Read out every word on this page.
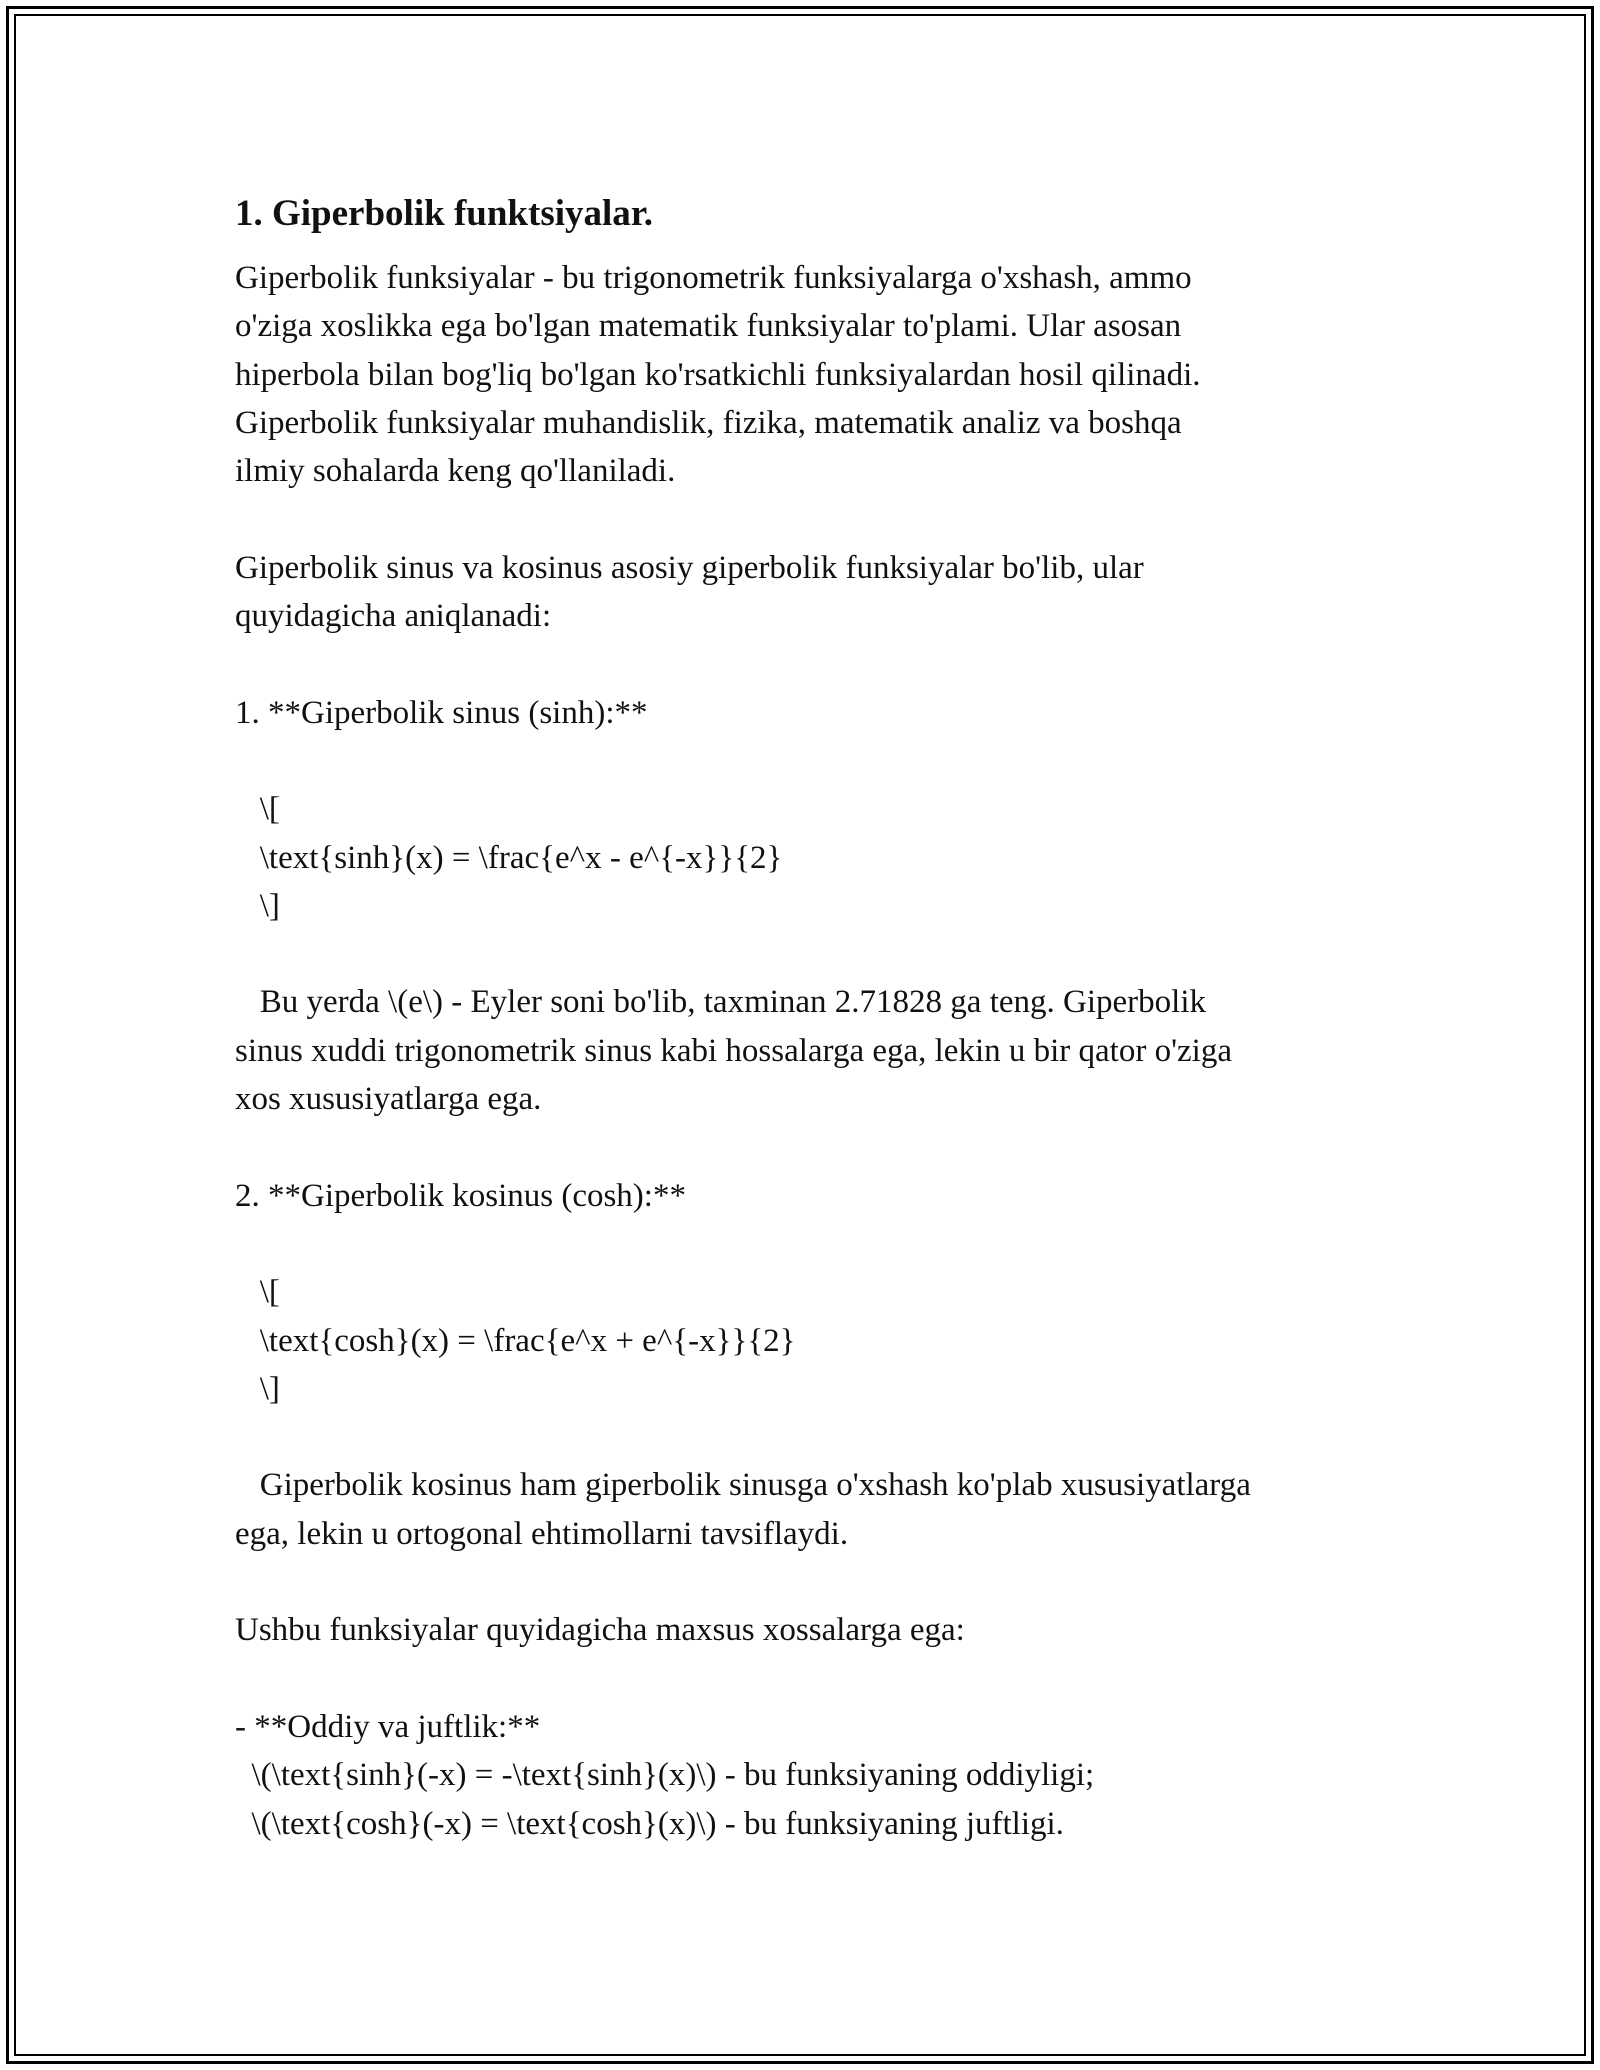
1. Giperbolik funktsiyalar.
Giperbolik funksiyalar - bu trigonometrik funksiyalarga o'xshash, ammo
o'ziga xoslikka ega bo'lgan matematik funksiyalar to'plami. Ular asosan
hiperbola bilan bog'liq bo'lgan ko'rsatkichli funksiyalardan hosil qilinadi.
Giperbolik funksiyalar muhandislik, fizika, matematik analiz va boshqa
ilmiy sohalarda keng qo'llaniladi.
Giperbolik sinus va kosinus asosiy giperbolik funksiyalar bo'lib, ular
quyidagicha aniqlanadi:
1. **Giperbolik sinus (sinh):**
\[
\text{sinh}(x) = \frac{e^x - e^{-x}}{2}
\]
Bu yerda \(e\) - Eyler soni bo'lib, taxminan 2.71828 ga teng. Giperbolik
sinus xuddi trigonometrik sinus kabi hossalarga ega, lekin u bir qator o'ziga
xos xususiyatlarga ega.
2. **Giperbolik kosinus (cosh):**
\[
\text{cosh}(x) = \frac{e^x + e^{-x}}{2}
\]
Giperbolik kosinus ham giperbolik sinusga o'xshash ko'plab xususiyatlarga
ega, lekin u ortogonal ehtimollarni tavsiflaydi.
Ushbu funksiyalar quyidagicha maxsus xossalarga ega:
- **Oddiy va juftlik:**
\(\text{sinh}(-x) = -\text{sinh}(x)\) - bu funksiyaning oddiyligi;
\(\text{cosh}(-x) = \text{cosh}(x)\) - bu funksiyaning juftligi.
